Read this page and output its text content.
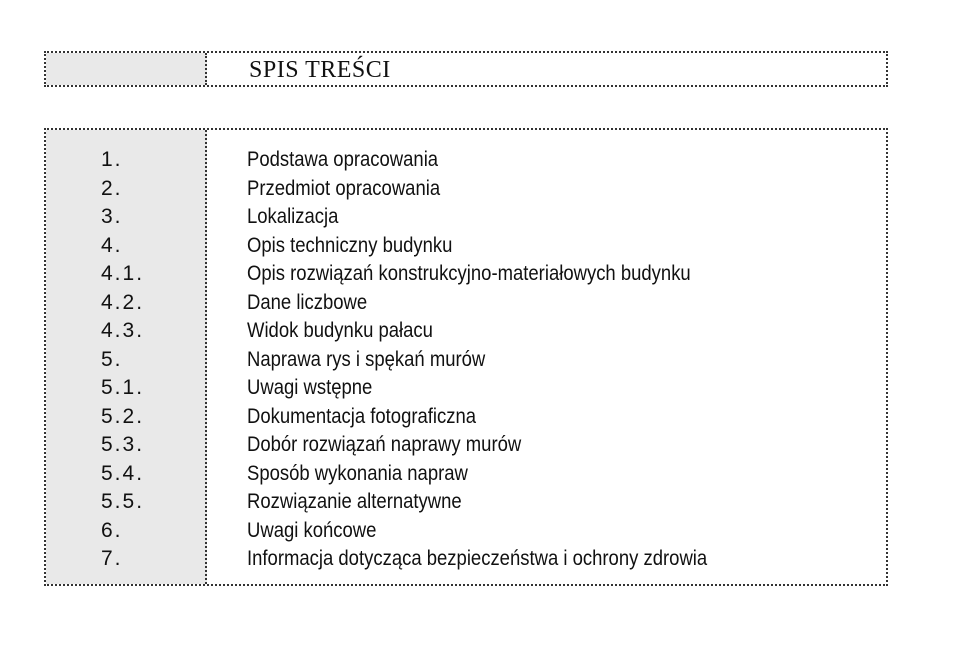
SPIS TREŚCI
1.
2.
3.
4.
4.1.
4.2.
4.3.
5.
5.1.
5.2.
5.3.
5.4.
5.5.
6.
7.
Podstawa opracowania
Przedmiot opracowania
Lokalizacja
Opis techniczny budynku
Opis rozwiązań konstrukcyjno-materiałowych budynku
Dane liczbowe
Widok budynku pałacu
Naprawa rys i spękań murów
Uwagi wstępne
Dokumentacja fotograficzna
Dobór rozwiązań naprawy murów
Sposób wykonania napraw
Rozwiązanie alternatywne
Uwagi końcowe
Informacja dotycząca bezpieczeństwa i ochrony zdrowia
